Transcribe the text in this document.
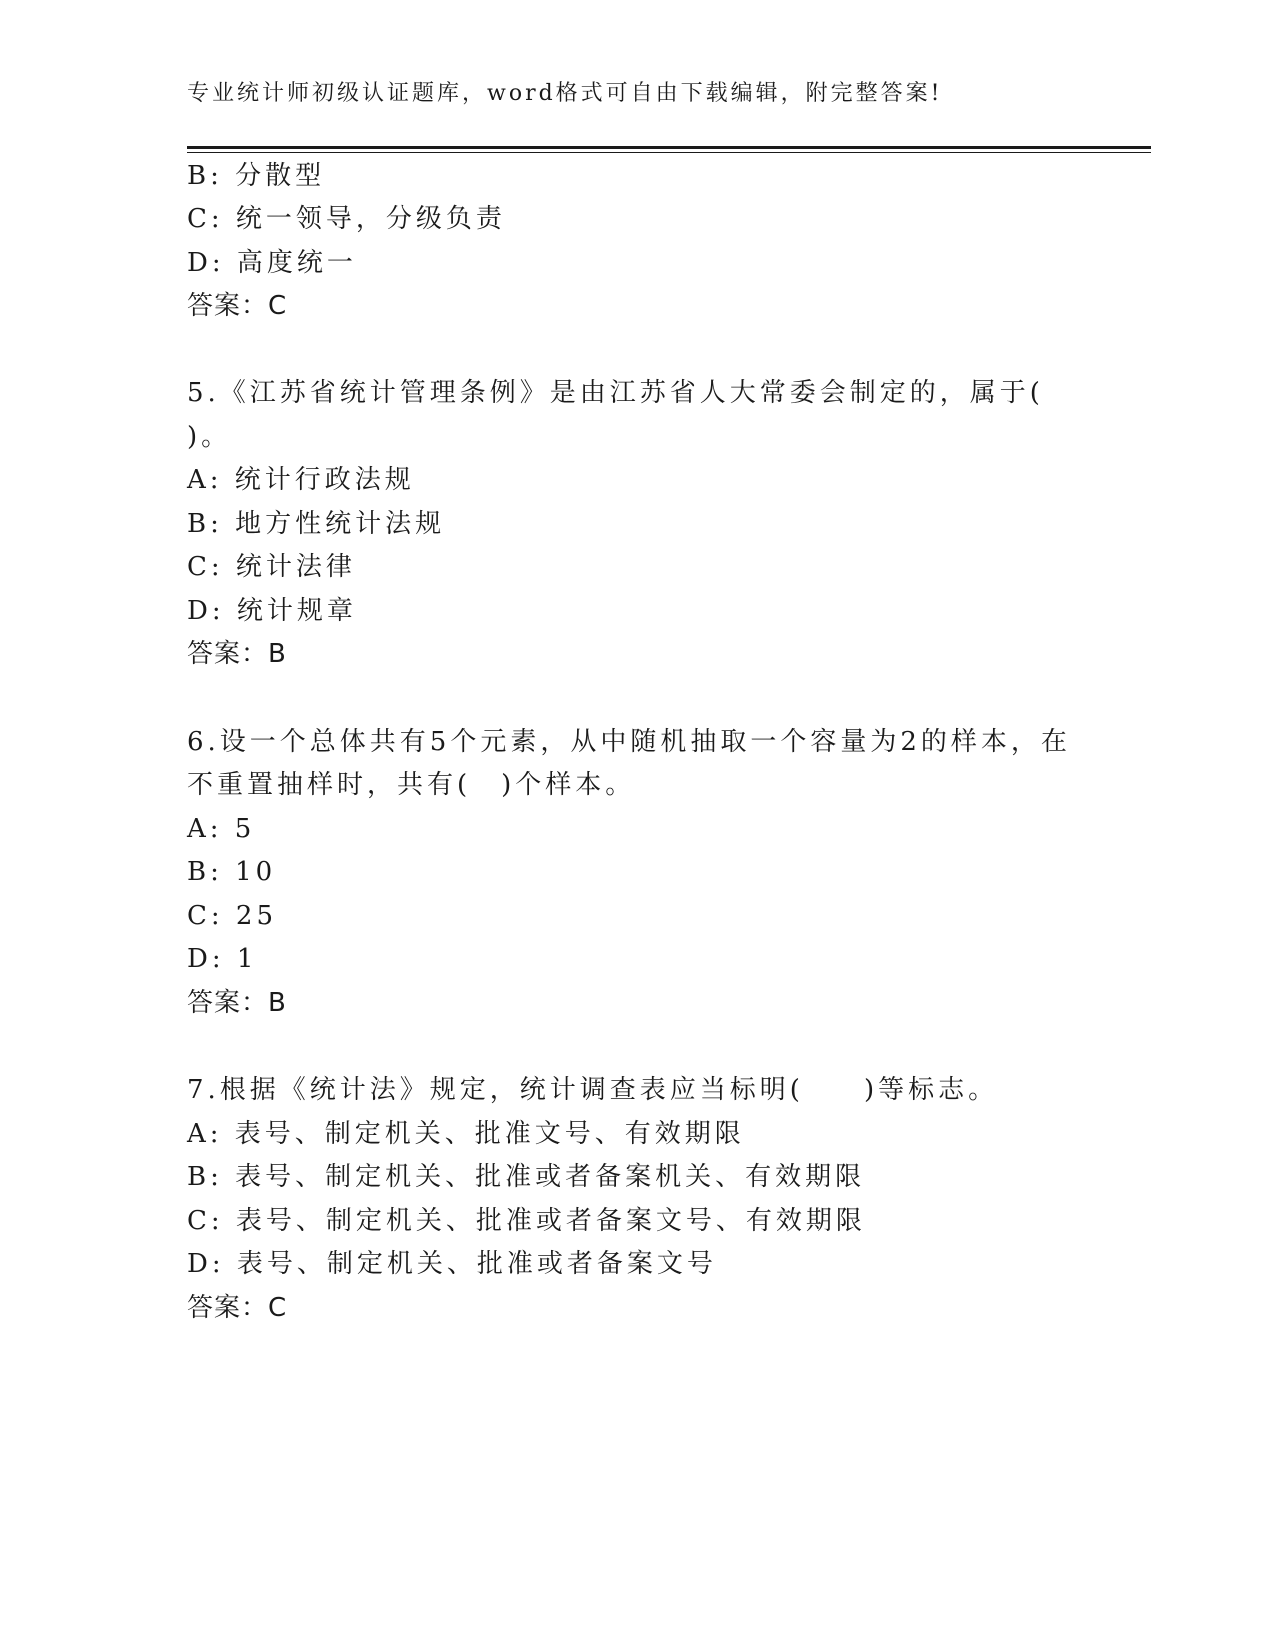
专业统计师初级认证题库，word格式可自由下载编辑，附完整答案!
B: 分散型
C: 统一领导，分级负责
D: 高度统一
答案：C
5.《江苏省统计管理条例》是由江苏省人大常委会制定的，属于(
)。
A: 统计行政法规
B: 地方性统计法规
C: 统计法律
D: 统计规章
答案：B
6.设一个总体共有5个元素，从中随机抽取一个容量为2的样本，在
不重置抽样时，共有(　)个样本。
A: 5
B: 10
C: 25
D: 1
答案：B
7.根据《统计法》规定，统计调查表应当标明(　　)等标志。
A: 表号、制定机关、批准文号、有效期限
B: 表号、制定机关、批准或者备案机关、有效期限
C: 表号、制定机关、批准或者备案文号、有效期限
D: 表号、制定机关、批准或者备案文号
答案：C
